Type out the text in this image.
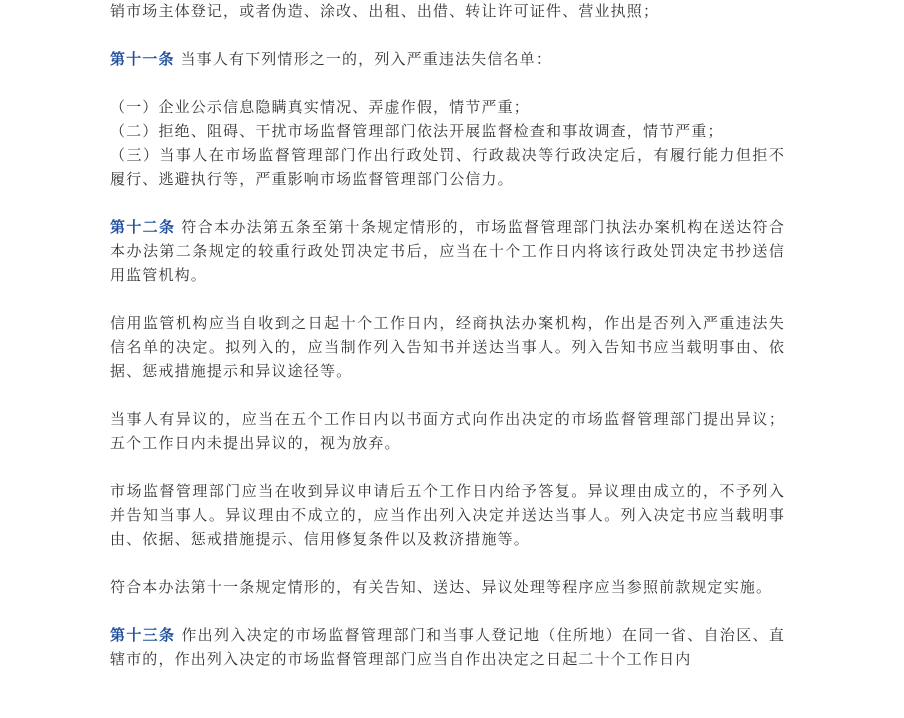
销市场主体登记，或者伪造、涂改、出租、出借、转让许可证件、营业执照；

第十一条 当事人有下列情形之一的，列入严重违法失信名单：

（一）企业公示信息隐瞒真实情况、弄虚作假，情节严重；
（二）拒绝、阻碍、干扰市场监督管理部门依法开展监督检查和事故调查，情节严重；
（三）当事人在市场监督管理部门作出行政处罚、行政裁决等行政决定后，有履行能力但拒不履行、逃避执行等，严重影响市场监督管理部门公信力。

第十二条 符合本办法第五条至第十条规定情形的，市场监督管理部门执法办案机构在送达符合本办法第二条规定的较重行政处罚决定书后，应当在十个工作日内将该行政处罚决定书抄送信用监管机构。

信用监管机构应当自收到之日起十个工作日内，经商执法办案机构，作出是否列入严重违法失信名单的决定。拟列入的，应当制作列入告知书并送达当事人。列入告知书应当载明事由、依据、惩戒措施提示和异议途径等。

当事人有异议的，应当在五个工作日内以书面方式向作出决定的市场监督管理部门提出异议；五个工作日内未提出异议的，视为放弃。

市场监督管理部门应当在收到异议申请后五个工作日内给予答复。异议理由成立的，不予列入并告知当事人。异议理由不成立的，应当作出列入决定并送达当事人。列入决定书应当载明事由、依据、惩戒措施提示、信用修复条件以及救济措施等。

符合本办法第十一条规定情形的，有关告知、送达、异议处理等程序应当参照前款规定实施。

第十三条 作出列入决定的市场监督管理部门和当事人登记地（住所地）在同一省、自治区、直辖市的，作出列入决定的市场监督管理部门应当自作出决定之日起二十个工作日内
